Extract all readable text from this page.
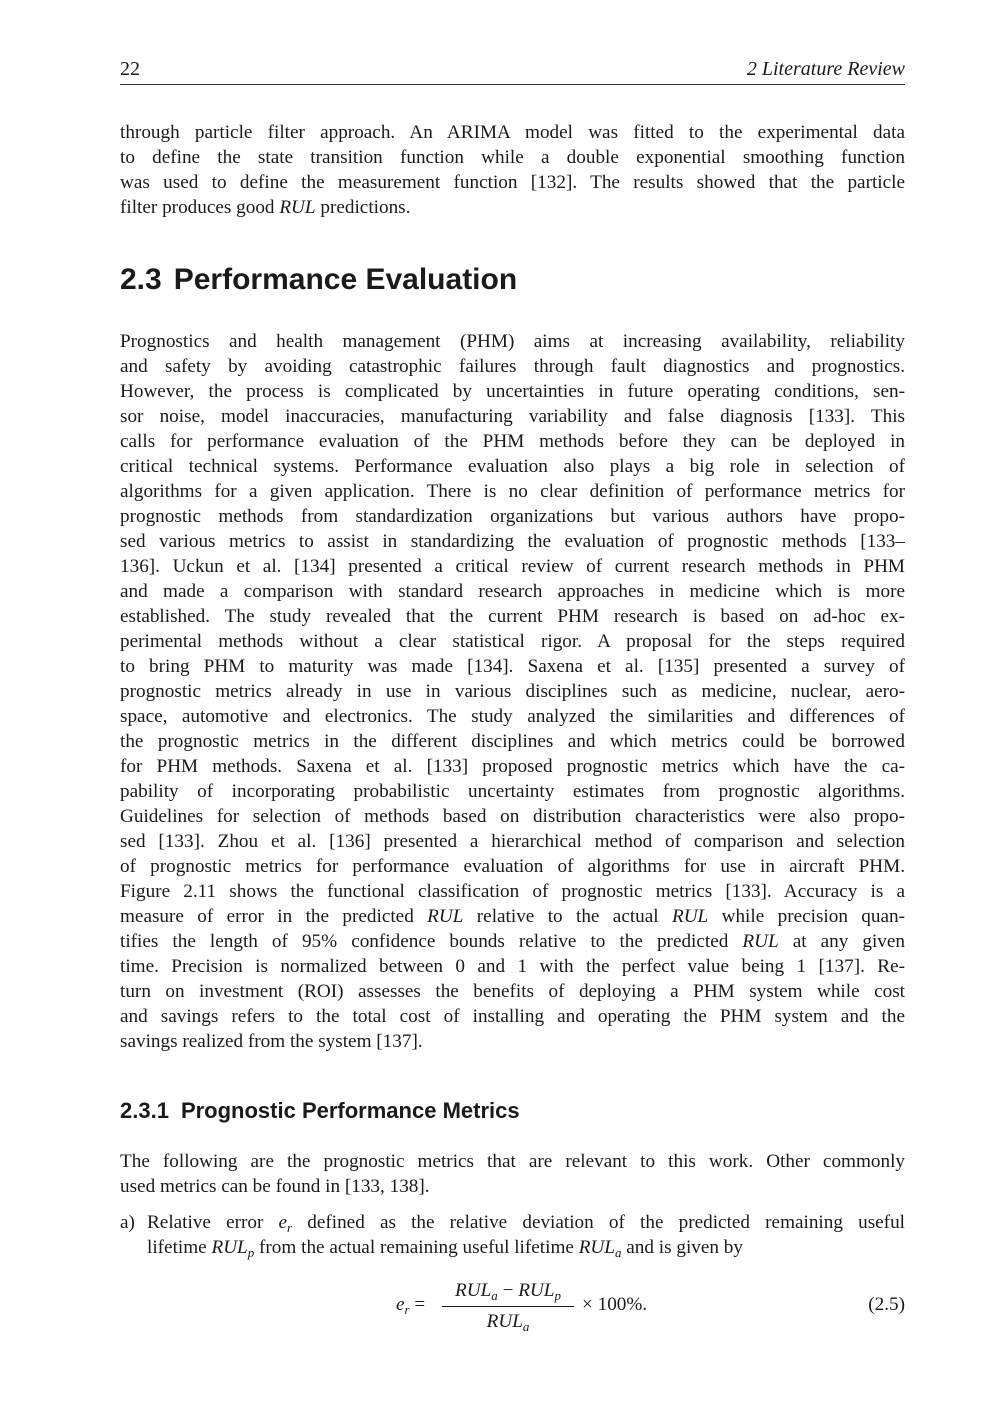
22	2 Literature Review
through particle filter approach. An ARIMA model was fitted to the experimental data
to define the state transition function while a double exponential smoothing function
was used to define the measurement function [132]. The results showed that the particle
filter produces good RUL predictions.
2.3 Performance Evaluation
Prognostics and health management (PHM) aims at increasing availability, reliability
and safety by avoiding catastrophic failures through fault diagnostics and prognostics.
However, the process is complicated by uncertainties in future operating conditions, sen-
sor noise, model inaccuracies, manufacturing variability and false diagnosis [133]. This
calls for performance evaluation of the PHM methods before they can be deployed in
critical technical systems. Performance evaluation also plays a big role in selection of
algorithms for a given application. There is no clear definition of performance metrics for
prognostic methods from standardization organizations but various authors have propo-
sed various metrics to assist in standardizing the evaluation of prognostic methods [133–
136]. Uckun et al. [134] presented a critical review of current research methods in PHM
and made a comparison with standard research approaches in medicine which is more
established. The study revealed that the current PHM research is based on ad-hoc ex-
perimental methods without a clear statistical rigor. A proposal for the steps required
to bring PHM to maturity was made [134]. Saxena et al. [135] presented a survey of
prognostic metrics already in use in various disciplines such as medicine, nuclear, aero-
space, automotive and electronics. The study analyzed the similarities and differences of
the prognostic metrics in the different disciplines and which metrics could be borrowed
for PHM methods. Saxena et al. [133] proposed prognostic metrics which have the ca-
pability of incorporating probabilistic uncertainty estimates from prognostic algorithms.
Guidelines for selection of methods based on distribution characteristics were also propo-
sed [133]. Zhou et al. [136] presented a hierarchical method of comparison and selection
of prognostic metrics for performance evaluation of algorithms for use in aircraft PHM.
Figure 2.11 shows the functional classification of prognostic metrics [133]. Accuracy is a
measure of error in the predicted RUL relative to the actual RUL while precision quan-
tifies the length of 95% confidence bounds relative to the predicted RUL at any given
time. Precision is normalized between 0 and 1 with the perfect value being 1 [137]. Re-
turn on investment (ROI) assesses the benefits of deploying a PHM system while cost
and savings refers to the total cost of installing and operating the PHM system and the
savings realized from the system [137].
2.3.1 Prognostic Performance Metrics
The following are the prognostic metrics that are relevant to this work. Other commonly
used metrics can be found in [133, 138].
a) Relative error $e_r$ defined as the relative deviation of the predicted remaining useful
lifetime $RUL_p$ from the actual remaining useful lifetime $RUL_a$ and is given by
$e_r$ =
$RUL_a - RUL_p$
$RUL_a$
× 100%.	(2.5)
